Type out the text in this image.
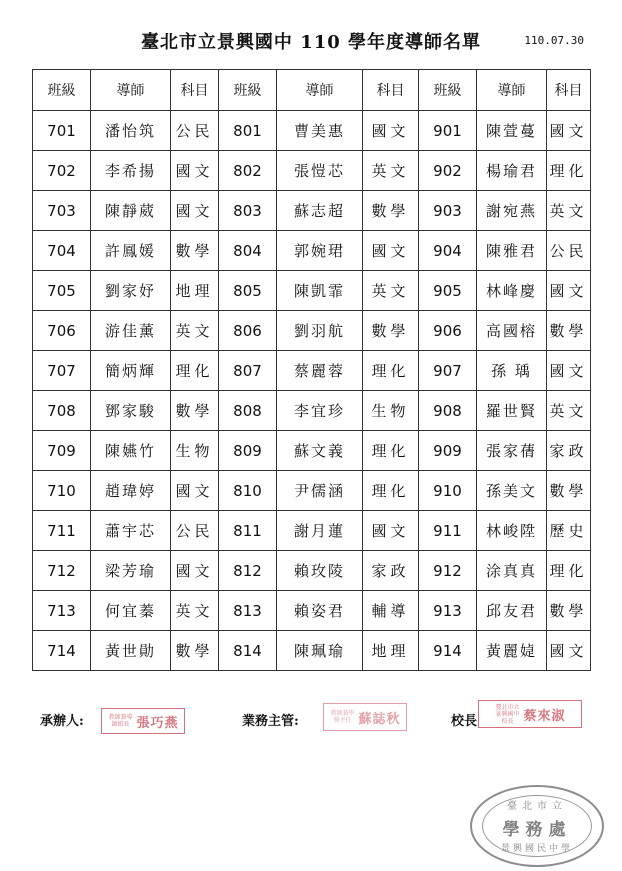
臺北市立景興國中 110 學年度導師名單	110.07.30
班級	導師	科目	班級	導師	科目	班級	導師	科目
701	潘怡筑	公民	801	曹美惠	國文	901	陳萱蔓	國文
702	李希揚	國文	802	張愷芯	英文	902	楊瑜君	理化
703	陳靜葳	國文	803	蘇志超	數學	903	謝宛燕	英文
704	許鳳媛	數學	804	郭婉珺	國文	904	陳雅君	公民
705	劉家妤	地理	805	陳凱霏	英文	905	林峰慶	國文
706	游佳薰	英文	806	劉羽航	數學	906	高國榕	數學
707	簡炳輝	理化	807	蔡麗蓉	理化	907	孫 瑀	國文
708	鄧家駿	數學	808	李宜珍	生物	908	羅世賢	英文
709	陳嬿竹	生物	809	蘇文義	理化	909	張家蒨	家政
710	趙瑋婷	國文	810	尹儒涵	理化	910	孫美文	數學
711	蕭宇芯	公民	811	謝月蓮	國文	911	林峻陞	歷史
712	梁芳瑜	國文	812	賴玫陵	家政	912	涂真真	理化
713	何宜蓁	英文	813	賴姿君	輔導	913	邱友君	數學
714	黃世勛	數學	814	陳珮瑜	地理	914	黃麗媫	國文
承辦人:	教師兼導師組長 張巧燕	業務主管:
教師兼學務主任 蘇誌秋	校長
臺北市立景興國中校長 蔡來淑
臺北市立
學務處
景興國民中學
